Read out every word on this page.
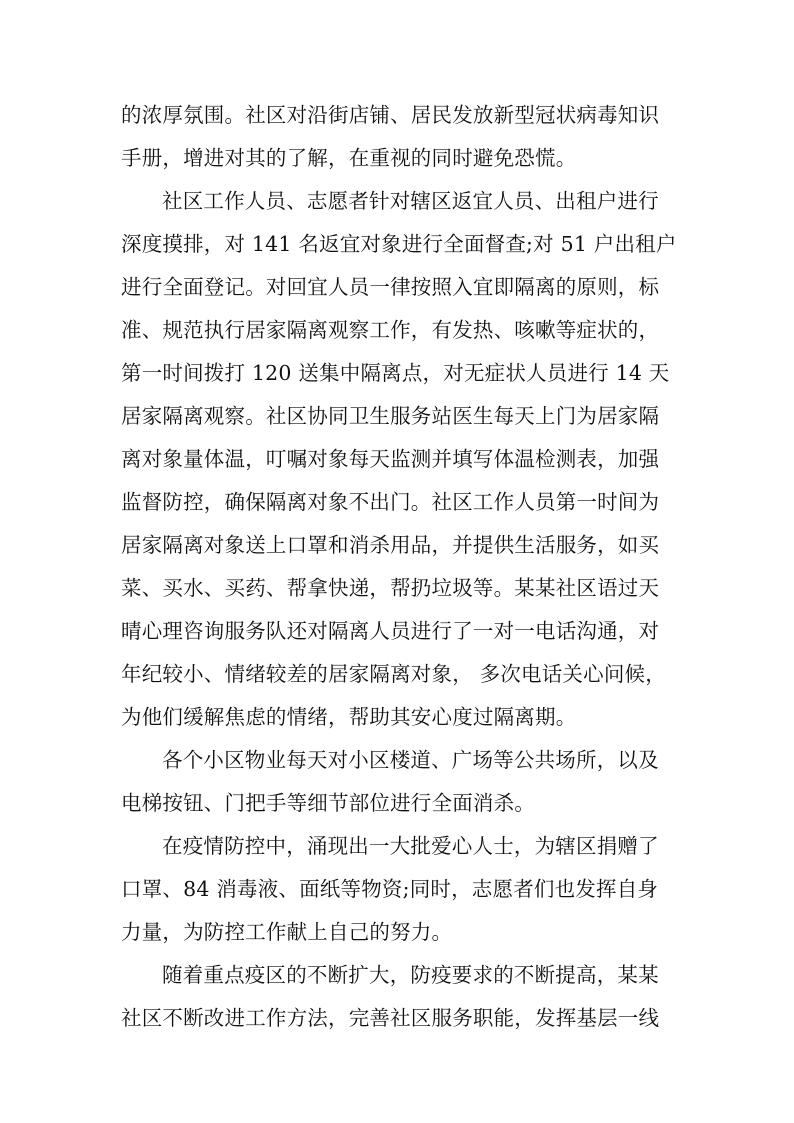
的浓厚氛围。社区对沿街店铺、居民发放新型冠状病毒知识
手册，增进对其的了解，在重视的同时避免恐慌。
社区工作人员、志愿者针对辖区返宜人员、出租户进行
深度摸排，对 141 名返宜对象进行全面督查;对 51 户出租户
进行全面登记。对回宜人员一律按照入宜即隔离的原则，标
准、规范执行居家隔离观察工作，有发热、咳嗽等症状的，
第一时间拨打 120 送集中隔离点，对无症状人员进行 14 天
居家隔离观察。社区协同卫生服务站医生每天上门为居家隔
离对象量体温，叮嘱对象每天监测并填写体温检测表，加强
监督防控，确保隔离对象不出门。社区工作人员第一时间为
居家隔离对象送上口罩和消杀用品，并提供生活服务，如买
菜、买水、买药、帮拿快递，帮扔垃圾等。某某社区语过天
晴心理咨询服务队还对隔离人员进行了一对一电话沟通，对
年纪较小、情绪较差的居家隔离对象， 多次电话关心问候，
为他们缓解焦虑的情绪，帮助其安心度过隔离期。
各个小区物业每天对小区楼道、广场等公共场所，以及
电梯按钮、门把手等细节部位进行全面消杀。
在疫情防控中，涌现出一大批爱心人士，为辖区捐赠了
口罩、84 消毒液、面纸等物资;同时，志愿者们也发挥自身
力量，为防控工作献上自己的努力。
随着重点疫区的不断扩大，防疫要求的不断提高，某某
社区不断改进工作方法，完善社区服务职能，发挥基层一线
